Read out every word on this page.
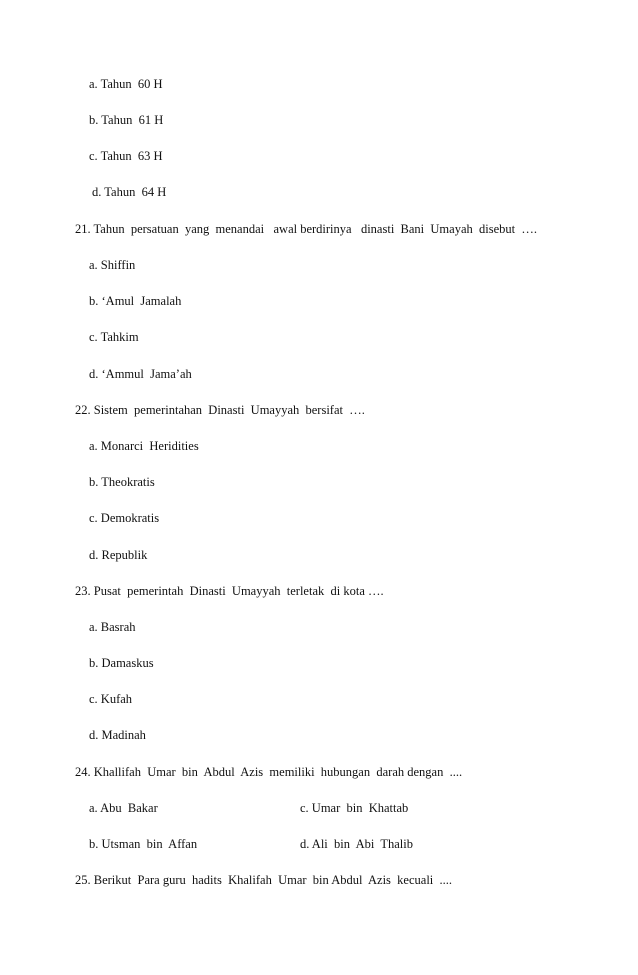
a. Tahun  60 H
b. Tahun  61 H
c. Tahun  63 H
d. Tahun  64 H
21. Tahun  persatuan  yang  menandai   awal berdirinya   dinasti  Bani  Umayah  disebut  ….
a. Shiffin
b. ‘Amul  Jamalah
c. Tahkim
d. ‘Ammul  Jama’ah
22. Sistem  pemerintahan  Dinasti  Umayyah  bersifat  ….
a. Monarci  Heridities
b. Theokratis
c. Demokratis
d. Republik
23. Pusat  pemerintah  Dinasti  Umayyah  terletak  di kota ….
a. Basrah
b. Damaskus
c. Kufah
d. Madinah
24. Khallifah  Umar  bin  Abdul  Azis  memiliki  hubungan  darah dengan  ....
a. Abu  Bakar	c. Umar  bin  Khattab
b. Utsman  bin  Affan	d. Ali  bin  Abi  Thalib
25. Berikut  Para guru  hadits  Khalifah  Umar  bin Abdul  Azis  kecuali  ....
